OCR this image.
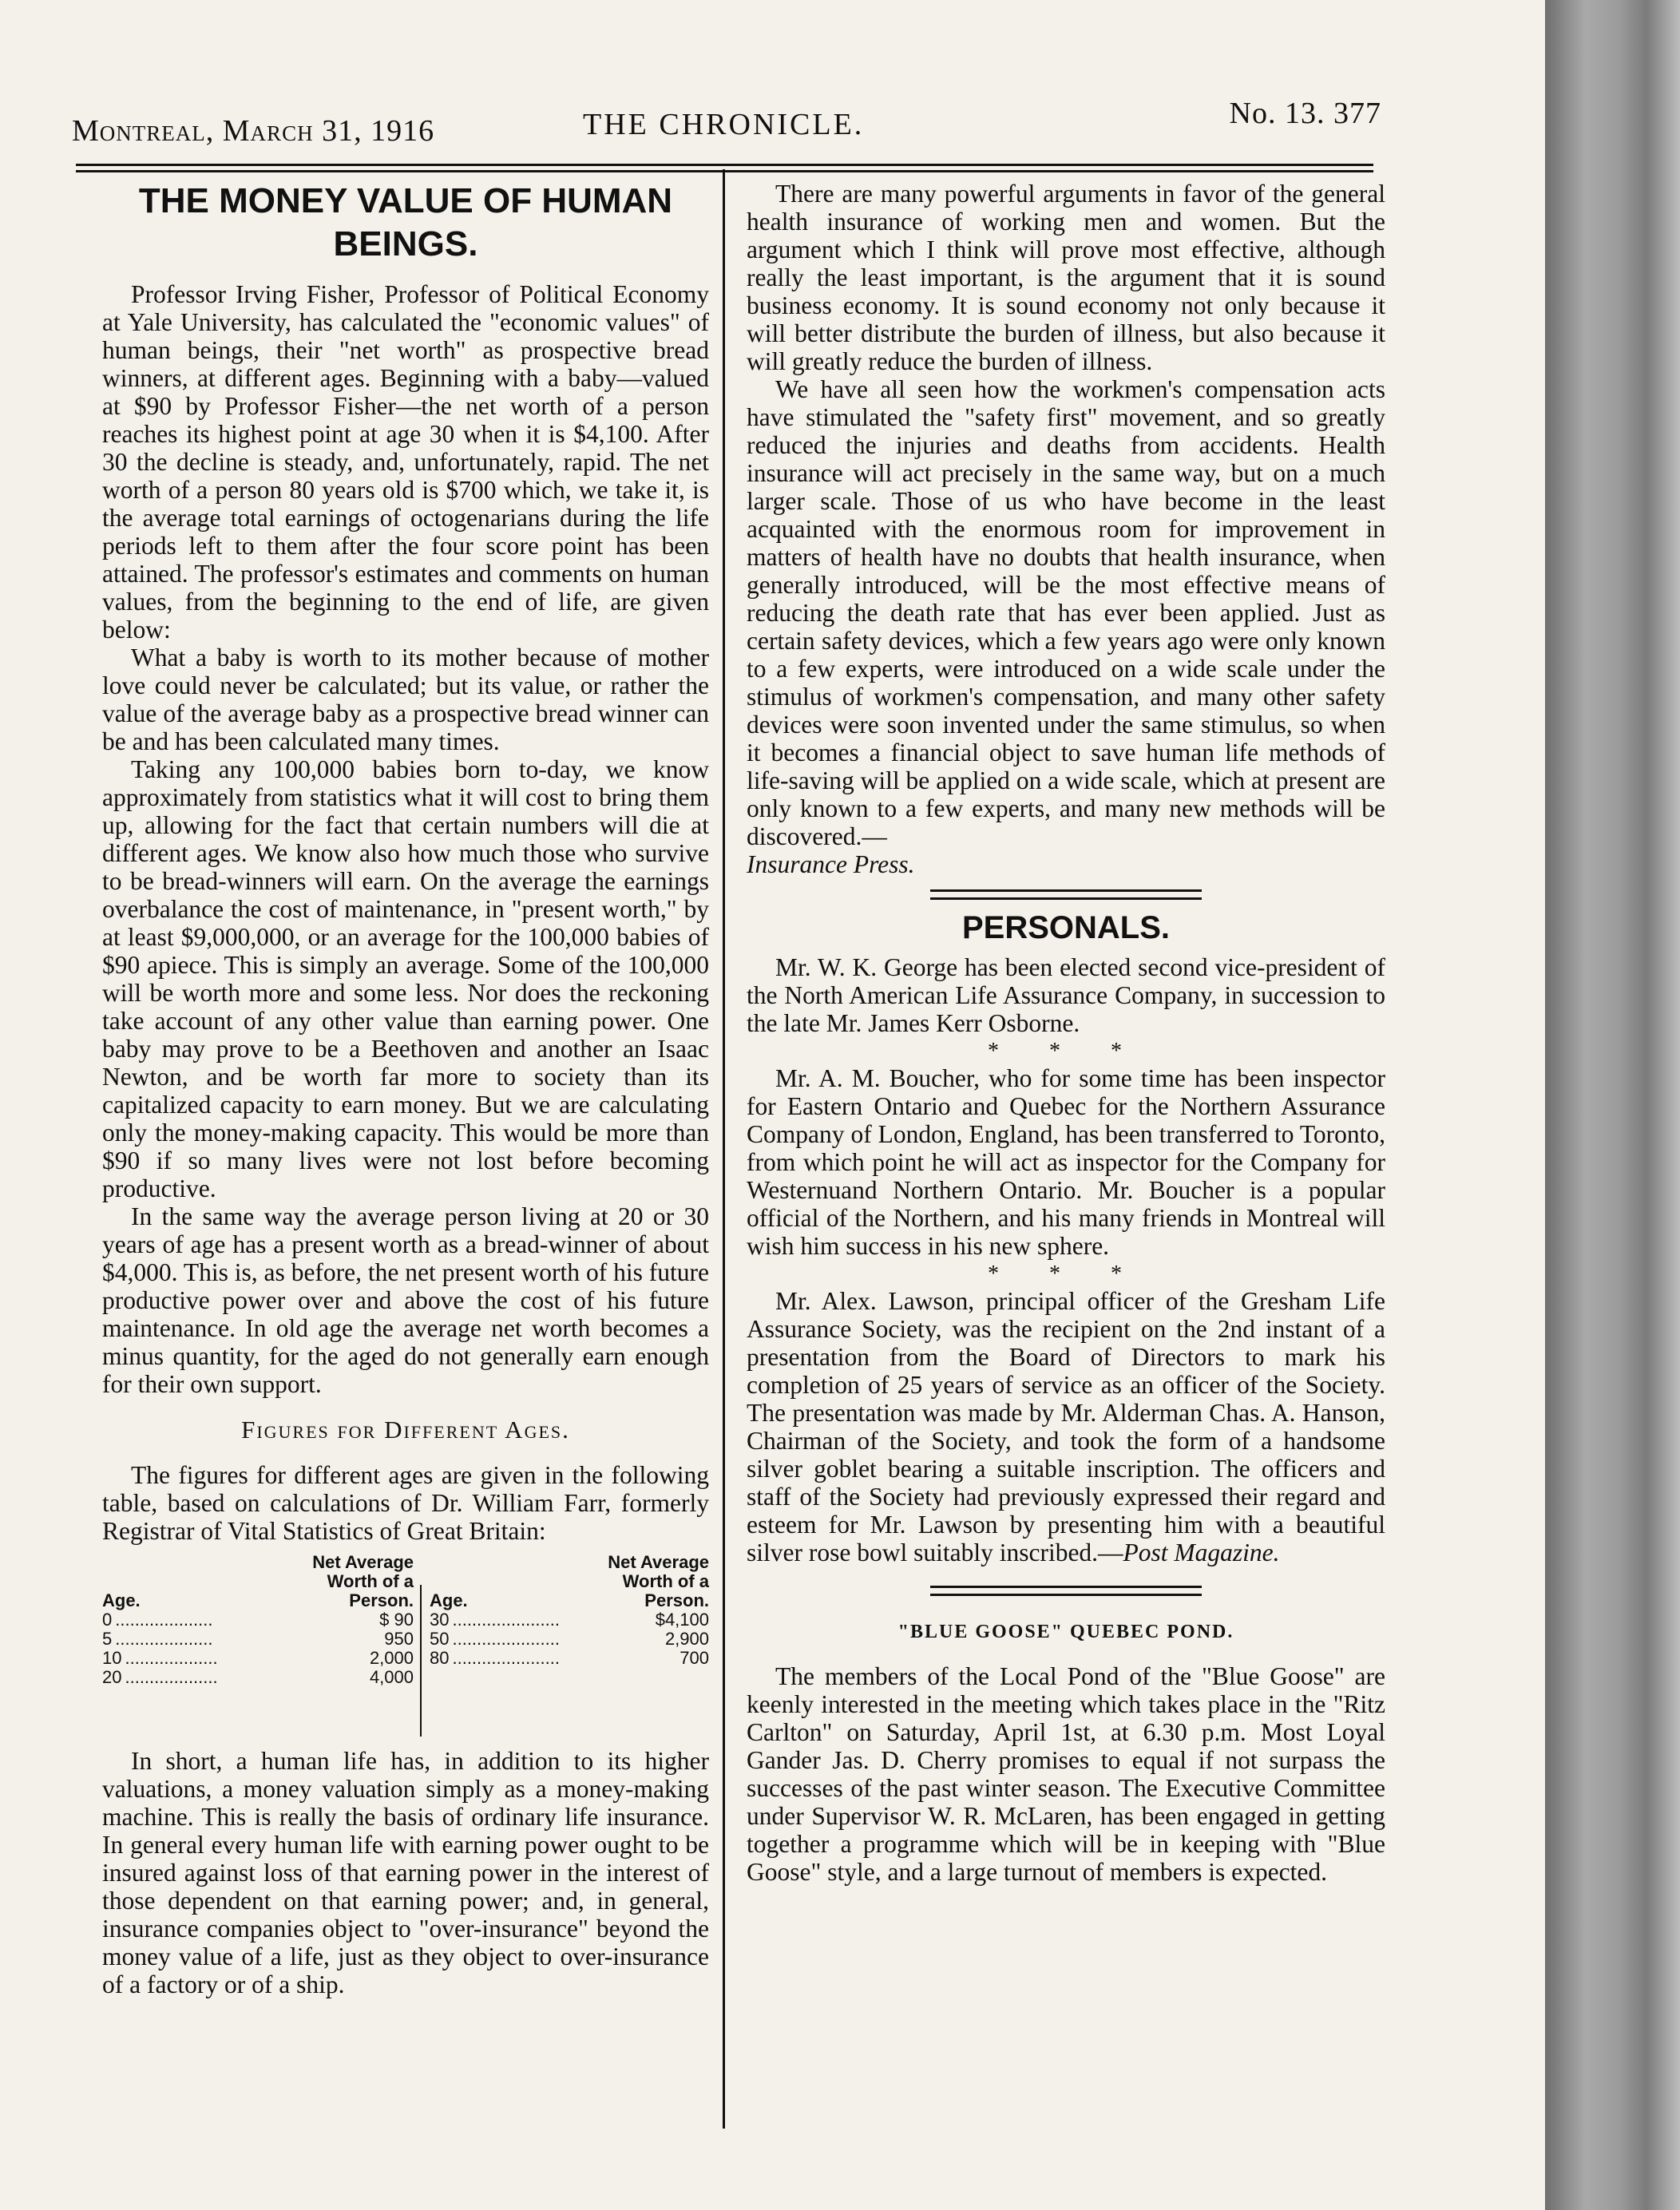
Montreal, March 31, 1916	THE CHRONICLE.	No. 13. 377
THE MONEY VALUE OF HUMAN BEINGS.

Professor Irving Fisher, Professor of Political Economy at Yale University, has calculated the "economic values" of human beings, their "net worth" as prospective bread winners, at different ages. Beginning with a baby—valued at $90 by Professor Fisher—the net worth of a person reaches its highest point at age 30 when it is $4,100. After 30 the decline is steady, and, unfortunately, rapid. The net worth of a person 80 years old is $700 which, we take it, is the average total earnings of octogenarians during the life periods left to them after the four score point has been attained. The professor's estimates and comments on human values, from the beginning to the end of life, are given below:

What a baby is worth to its mother because of mother love could never be calculated; but its value, or rather the value of the average baby as a prospective bread winner can be and has been calculated many times.

Taking any 100,000 babies born to-day, we know approximately from statistics what it will cost to bring them up, allowing for the fact that certain numbers will die at different ages. We know also how much those who survive to be bread-winners will earn. On the average the earnings overbalance the cost of maintenance, in "present worth," by at least $9,000,000, or an average for the 100,000 babies of $90 apiece. This is simply an average. Some of the 100,000 will be worth more and some less. Nor does the reckoning take account of any other value than earning power. One baby may prove to be a Beethoven and another an Isaac Newton, and be worth far more to society than its capitalized capacity to earn money. But we are calculating only the money-making capacity. This would be more than $90 if so many lives were not lost before becoming productive.

In the same way the average person living at 20 or 30 years of age has a present worth as a bread-winner of about $4,000. This is, as before, the net present worth of his future productive power over and above the cost of his future maintenance. In old age the average net worth becomes a minus quantity, for the aged do not generally earn enough for their own support.

Figures for Different Ages.

The figures for different ages are given in the following table, based on calculations of Dr. William Farr, formerly Registrar of Vital Statistics of Great Britain:

Net Average
Worth of a
Person.
Age.
0 ....................	$ 90
5 ....................	950
10 ...................	2,000
20 ...................	4,000
Net Average
Worth of a
Person.
Age.
30 ......................	$4,100
50 ......................	2,900
80 ......................	700

In short, a human life has, in addition to its higher valuations, a money valuation simply as a money-making machine. This is really the basis of ordinary life insurance. In general every human life with earning power ought to be insured against loss of that earning power in the interest of those dependent on that earning power; and, in general, insurance companies object to "over-insurance" beyond the money value of a life, just as they object to over-insurance of a factory or of a ship.

There are many powerful arguments in favor of the general health insurance of working men and women. But the argument which I think will prove most effective, although really the least important, is the argument that it is sound business economy. It is sound economy not only because it will better distribute the burden of illness, but also because it will greatly reduce the burden of illness.

We have all seen how the workmen's compensation acts have stimulated the "safety first" movement, and so greatly reduced the injuries and deaths from accidents. Health insurance will act precisely in the same way, but on a much larger scale. Those of us who have become in the least acquainted with the enormous room for improvement in matters of health have no doubts that health insurance, when generally introduced, will be the most effective means of reducing the death rate that has ever been applied. Just as certain safety devices, which a few years ago were only known to a few experts, were introduced on a wide scale under the stimulus of workmen's compensation, and many other safety devices were soon invented under the same stimulus, so when it becomes a financial object to save human life methods of life-saving will be applied on a wide scale, which at present are only known to a few experts, and many new methods will be discovered.—

Insurance Press.
PERSONALS.

Mr. W. K. George has been elected second vice-president of the North American Life Assurance Company, in succession to the late Mr. James Kerr Osborne.

* * *

Mr. A. M. Boucher, who for some time has been inspector for Eastern Ontario and Quebec for the Northern Assurance Company of London, England, has been transferred to Toronto, from which point he will act as inspector for the Company for Westernuand Northern Ontario. Mr. Boucher is a popular official of the Northern, and his many friends in Montreal will wish him success in his new sphere.

* * *

Mr. Alex. Lawson, principal officer of the Gresham Life Assurance Society, was the recipient on the 2nd instant of a presentation from the Board of Directors to mark his completion of 25 years of service as an officer of the Society. The presentation was made by Mr. Alderman Chas. A. Hanson, Chairman of the Society, and took the form of a handsome silver goblet bearing a suitable inscription. The officers and staff of the Society had previously expressed their regard and esteem for Mr. Lawson by presenting him with a beautiful silver rose bowl suitably inscribed.—Post Magazine.

"BLUE GOOSE" QUEBEC POND.

The members of the Local Pond of the "Blue Goose" are keenly interested in the meeting which takes place in the "Ritz Carlton" on Saturday, April 1st, at 6.30 p.m. Most Loyal Gander Jas. D. Cherry promises to equal if not surpass the successes of the past winter season. The Executive Committee under Supervisor W. R. McLaren, has been engaged in getting together a programme which will be in keeping with "Blue Goose" style, and a large turnout of members is expected.
